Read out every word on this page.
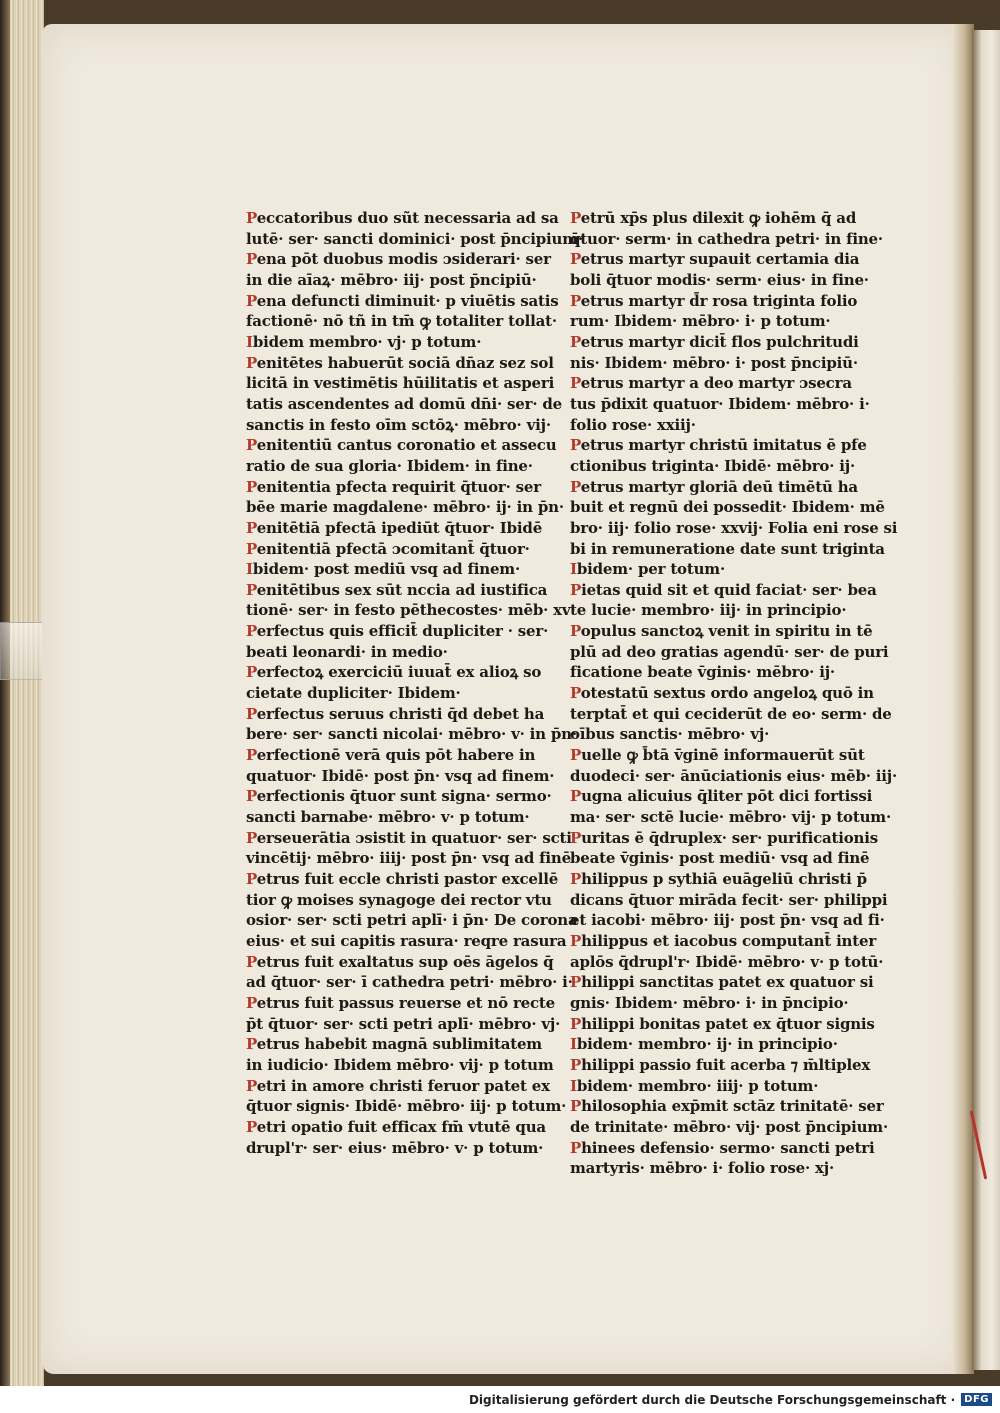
Peccatoribus duo sũt necessaria ad sa
lutē· ser· sancti dominici· post p̄ncipium·
Pena pōt duobus modis ɔsiderari· ser
in die aīaꝝ· mēbro· iij· post p̄ncipiū·
Pena defuncti diminuit· p viuētis satis
factionē· nō tñ in tm̄ ꝙ totaliter tollat·
Ibidem membro· vj· p totum·
Penitētes habuerūt sociā dn̄az sez sol
licitā in vestimētis hūilitatis et asperi
tatis ascendentes ad domū dn̄i· ser· de
sanctis in festo oīm sctōꝝ· mēbro· vij·
Penitentiū cantus coronatio et assecu
ratio de sua gloria· Ibidem· in fine·
Penitentia pfecta requirit q̄tuor· ser
bēe marie magdalene· mēbro· ij· in p̄n·
Penitētiā pfectā ipediūt q̄tuor· Ibidē
Penitentiā pfectā ɔcomitant̄ q̄tuor·
Ibidem· post mediū vsq ad finem·
Penitētibus sex sūt nccia ad iustifica
tionē· ser· in festo pēthecostes· mēb· xv·
Perfectus quis efficit̄ dupliciter · ser·
beati leonardi· in medio·
Perfectoꝝ exerciciū iuuat̄ ex alioꝝ so
cietate dupliciter· Ibidem·
Perfectus seruus christi q̄d debet ha
bere· ser· sancti nicolai· mēbro· v· in p̄n·
Perfectionē verā quis pōt habere in
quatuor· Ibidē· post p̄n· vsq ad finem·
Perfectionis q̄tuor sunt signa· sermo·
sancti barnabe· mēbro· v· p totum·
Perseuerātia ɔsistit in quatuor· ser· scti
vincētij· mēbro· iiij· post p̄n· vsq ad finē
Petrus fuit eccle christi pastor excellē
tior ꝙ moises synagoge dei rector vtu
osior· ser· scti petri aplī· i p̄n· De corona
eius· et sui capitis rasura· reqre rasura
Petrus fuit exaltatus sup oēs āgelos q̄
ad q̄tuor· ser· ī cathedra petri· mēbro· i·
Petrus fuit passus reuerse et nō recte
p̄t q̄tuor· ser· scti petri aplī· mēbro· vj·
Petrus habebit magnā sublimitatem
in iudicio· Ibidem mēbro· vij· p totum
Petri in amore christi feruor patet ex
q̄tuor signis· Ibidē· mēbro· iij· p totum·
Petri opatio fuit efficax fm̄ vtutē qua
drupl'r· ser· eius· mēbro· v· p totum·
Petrū xp̄s plus dilexit ꝙ iohēm q̄ ad
q̄tuor· serm· in cathedra petri· in fine·
Petrus martyr supauit certamia dia
boli q̄tuor modis· serm· eius· in fine·
Petrus martyr d̄r rosa triginta folio
rum· Ibidem· mēbro· i· p totum·
Petrus martyr dicit̄ flos pulchritudi
nis· Ibidem· mēbro· i· post p̄ncipiū·
Petrus martyr a deo martyr ɔsecra
tus p̄dixit quatuor· Ibidem· mēbro· i·
folio rose· xxiij·
Petrus martyr christū imitatus ē pfe
ctionibus triginta· Ibidē· mēbro· ij·
Petrus martyr gloriā deū timētū ha
buit et regnū dei possedit· Ibidem· mē
bro· iij· folio rose· xxvij· Folia eni rose si
bi in remuneratione date sunt triginta
Ibidem· per totum·
Pietas quid sit et quid faciat· ser· bea
te lucie· membro· iij· in principio·
Populus sanctoꝝ venit in spiritu in tē
plū ad deo gratias agendū· ser· de puri
ficatione beate v̄ginis· mēbro· ij·
Potestatū sextus ordo angeloꝝ quō in
terptat̄ et qui ceciderūt de eo· serm· de
oībus sanctis· mēbro· vj·
Puelle ꝙ b̄tā v̄ginē informauerūt sūt
duodeci· ser· ānūciationis eius· mēb· iij·
Pugna alicuius q̄liter pōt dici fortissi
ma· ser· sctē lucie· mēbro· vij· p totum·
Puritas ē q̄druplex· ser· purificationis
beate v̄ginis· post mediū· vsq ad finē
Philippus p sythiā euāgeliū christi p̄
dicans q̄tuor mirāda fecit· ser· philippi
et iacobi· mēbro· iij· post p̄n· vsq ad fi·
Philippus et iacobus computant̄ inter
aplōs q̄drupl'r· Ibidē· mēbro· v· p totū·
Philippi sanctitas patet ex quatuor si
gnis· Ibidem· mēbro· i· in p̄ncipio·
Philippi bonitas patet ex q̄tuor signis
Ibidem· membro· ij· in principio·
Philippi passio fuit acerba ⁊ m̄ltiplex
Ibidem· membro· iiij· p totum·
Philosophia exp̄mit sctāz trinitatē· ser
de trinitate· mēbro· vij· post p̄ncipium·
Phinees defensio· sermo· sancti petri
martyris· mēbro· i· folio rose· xj·
Digitalisierung gefördert durch die Deutsche Forschungsgemeinschaft · DFG
